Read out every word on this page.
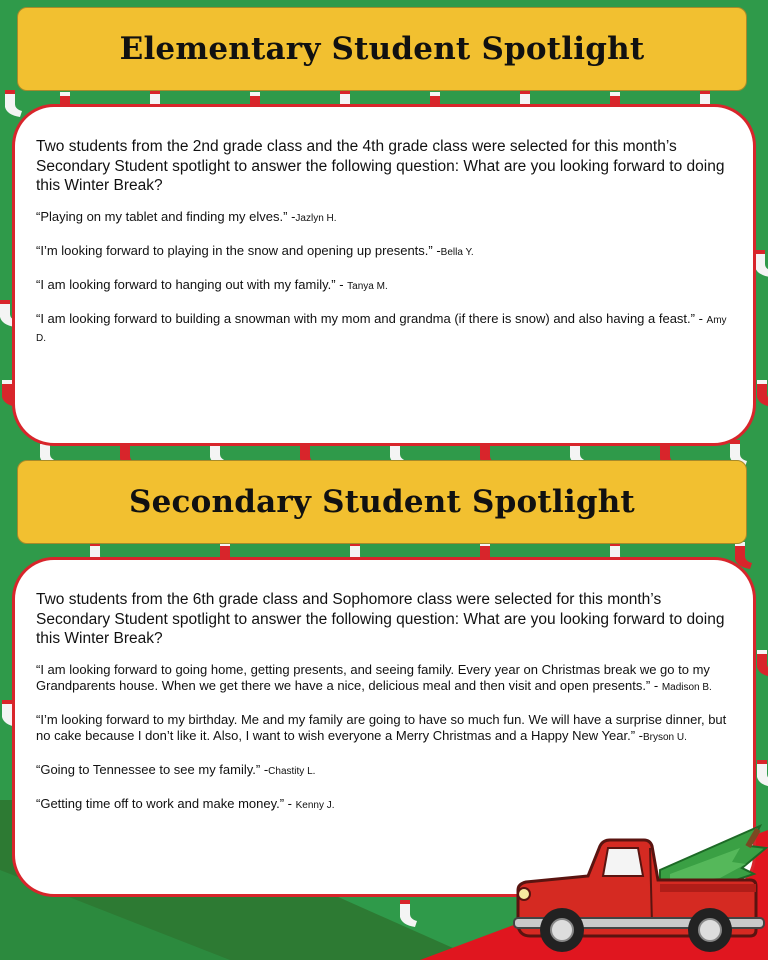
Elementary Student Spotlight

Two students from the 2nd grade class and the 4th grade class were selected for this month’s Secondary Student spotlight to answer the following question: What are you looking forward to doing this Winter Break?

“Playing on my tablet and finding my elves.” -Jazlyn H.

“I’m looking forward to playing in the snow and opening up presents.” -Bella Y.

“I am looking forward to hanging out with my family.” - Tanya M.

“I am looking forward to building a snowman with my mom and grandma (if there is snow) and also having a feast.” - Amy D.

Secondary Student Spotlight

Two students from the 6th grade class and Sophomore class were selected for this month’s Secondary Student spotlight to answer the following question: What are you looking forward to doing this Winter Break?

“I am looking forward to going home, getting presents, and seeing family. Every year on Christmas break we go to my Grandparents house. When we get there we have a nice, delicious meal and then visit and open presents.” - Madison B.

“I’m looking forward to my birthday. Me and my family are going to have so much fun. We will have a surprise dinner, but no cake because I don’t like it. Also, I want to wish everyone a Merry Christmas and a Happy New Year.” -Bryson U.

“Going to Tennessee to see my family.” -Chastity L.

“Getting time off to work and make money.” - Kenny J.
